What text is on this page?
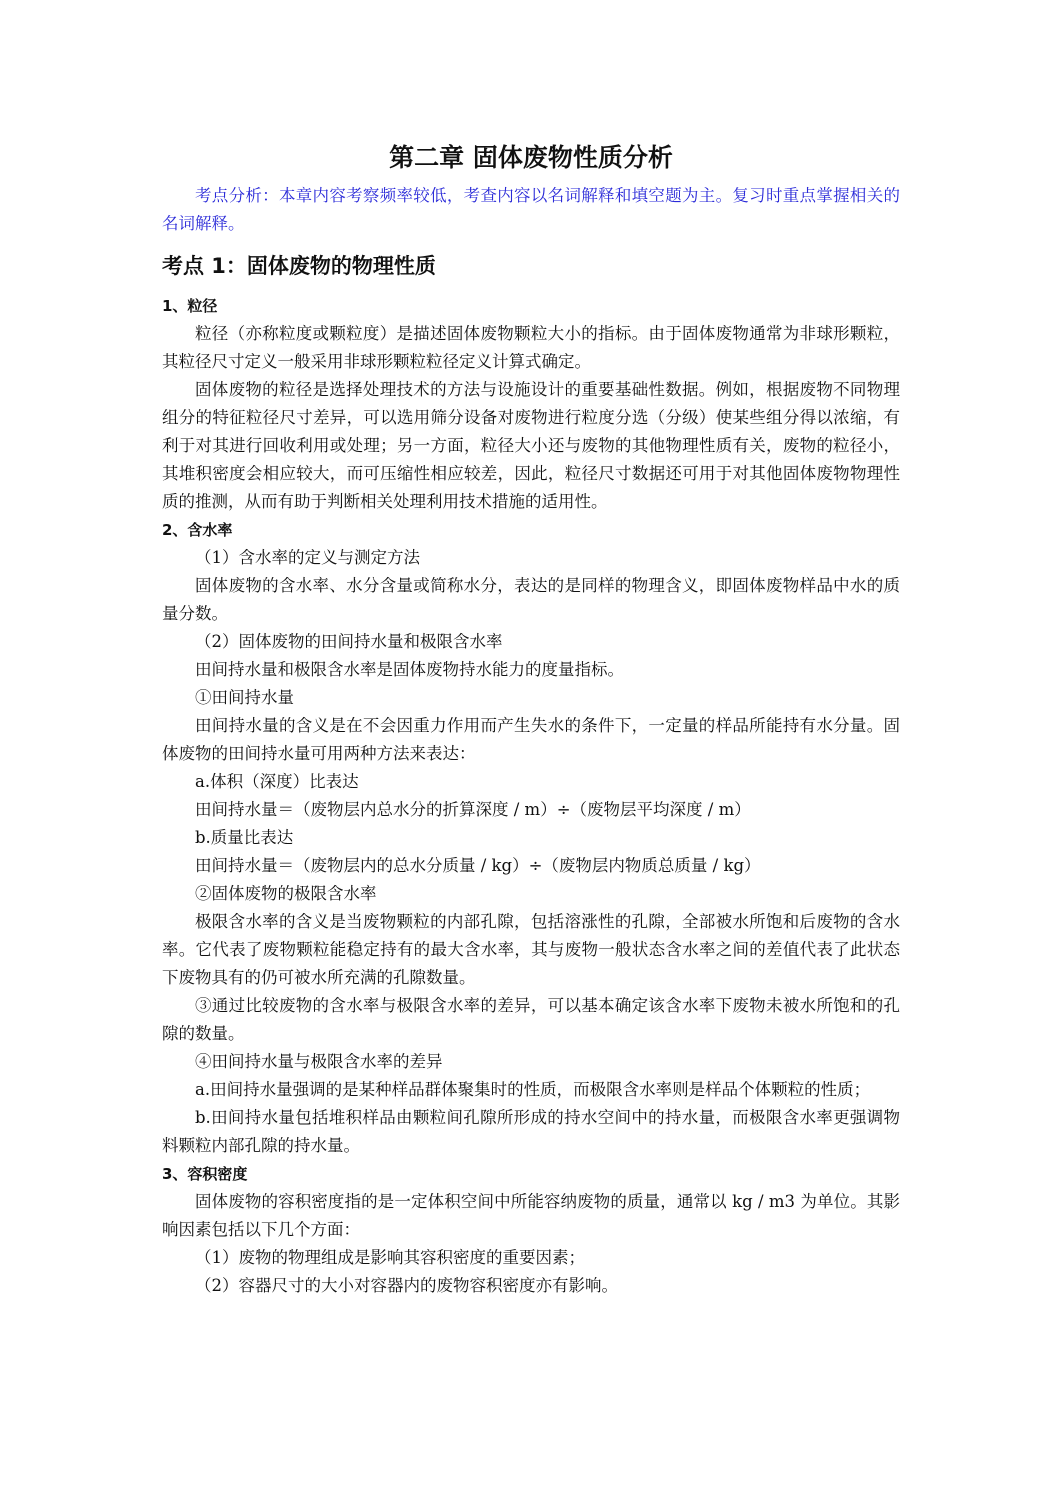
第二章 固体废物性质分析

考点分析：本章内容考察频率较低，考查内容以名词解释和填空题为主。复习时重点掌握相关的名词解释。

考点 1：固体废物的物理性质
1、粒径

粒径（亦称粒度或颗粒度）是描述固体废物颗粒大小的指标。由于固体废物通常为非球形颗粒，其粒径尺寸定义一般采用非球形颗粒粒径定义计算式确定。

固体废物的粒径是选择处理技术的方法与设施设计的重要基础性数据。例如，根据废物不同物理组分的特征粒径尺寸差异，可以选用筛分设备对废物进行粒度分选（分级）使某些组分得以浓缩，有利于对其进行回收利用或处理；另一方面，粒径大小还与废物的其他物理性质有关，废物的粒径小，其堆积密度会相应较大，而可压缩性相应较差，因此，粒径尺寸数据还可用于对其他固体废物物理性质的推测，从而有助于判断相关处理利用技术措施的适用性。

2、含水率

（1）含水率的定义与测定方法

固体废物的含水率、水分含量或简称水分，表达的是同样的物理含义，即固体废物样品中水的质量分数。

（2）固体废物的田间持水量和极限含水率

田间持水量和极限含水率是固体废物持水能力的度量指标。

①田间持水量

田间持水量的含义是在不会因重力作用而产生失水的条件下，一定量的样品所能持有水分量。固体废物的田间持水量可用两种方法来表达：

a.体积（深度）比表达

田间持水量＝（废物层内总水分的折算深度 / m）÷（废物层平均深度 / m）

b.质量比表达

田间持水量＝（废物层内的总水分质量 / kg）÷（废物层内物质总质量 / kg）

②固体废物的极限含水率

极限含水率的含义是当废物颗粒的内部孔隙，包括溶涨性的孔隙，全部被水所饱和后废物的含水率。它代表了废物颗粒能稳定持有的最大含水率，其与废物一般状态含水率之间的差值代表了此状态下废物具有的仍可被水所充满的孔隙数量。

③通过比较废物的含水率与极限含水率的差异，可以基本确定该含水率下废物未被水所饱和的孔隙的数量。

④田间持水量与极限含水率的差异

a.田间持水量强调的是某种样品群体聚集时的性质，而极限含水率则是样品个体颗粒的性质；

b.田间持水量包括堆积样品由颗粒间孔隙所形成的持水空间中的持水量，而极限含水率更强调物料颗粒内部孔隙的持水量。

3、容积密度

固体废物的容积密度指的是一定体积空间中所能容纳废物的质量，通常以 kg / m3 为单位。其影响因素包括以下几个方面：

（1）废物的物理组成是影响其容积密度的重要因素；

（2）容器尺寸的大小对容器内的废物容积密度亦有影响。
